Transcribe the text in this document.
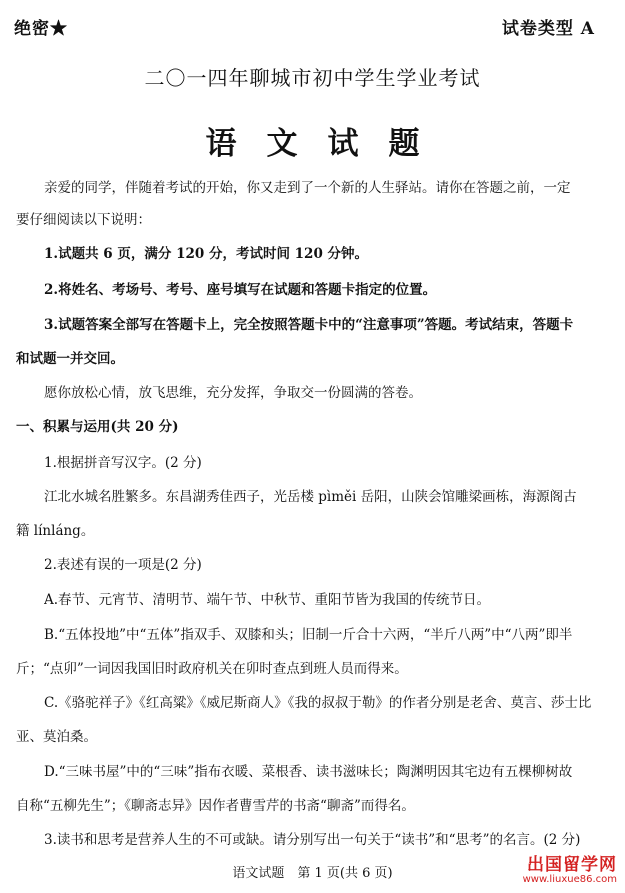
绝密★	试卷类型 A
二〇一四年聊城市初中学生学业考试
语文试题
亲爱的同学，伴随着考试的开始，你又走到了一个新的人生驿站。请你在答题之前，一定
要仔细阅读以下说明：
1.试题共 6 页，满分 120 分，考试时间 120 分钟。
2.将姓名、考场号、考号、座号填写在试题和答题卡指定的位置。
3.试题答案全部写在答题卡上，完全按照答题卡中的“注意事项”答题。考试结束，答题卡
和试题一并交回。
愿你放松心情，放飞思维，充分发挥，争取交一份圆满的答卷。
一、积累与运用(共 20 分)
1.根据拼音写汉字。(2 分)
江北水城名胜繁多。东昌湖秀佳西子，光岳楼 pìměi 岳阳，山陕会馆雕梁画栋，海源阁古
籍 línláng。
2.表述有误的一项是(2 分)
A.春节、元宵节、清明节、端午节、中秋节、重阳节皆为我国的传统节日。
B.“五体投地”中“五体”指双手、双膝和头；旧制一斤合十六两，“半斤八两”中“八两”即半
斤；“点卯”一词因我国旧时政府机关在卯时查点到班人员而得来。
C.《骆驼祥子》《红高粱》《威尼斯商人》《我的叔叔于勒》的作者分别是老舍、莫言、莎士比
亚、莫泊桑。
D.“三味书屋”中的“三味”指布衣暖、菜根香、读书滋味长；陶渊明因其宅边有五棵柳树故
自称“五柳先生”；《聊斋志异》因作者曹雪芹的书斋“聊斋”而得名。
3.读书和思考是营养人生的不可或缺。请分别写出一句关于“读书”和“思考”的名言。(2 分)
语文试题　第 1 页(共 6 页)	出国留学网
www.liuxue86.com
